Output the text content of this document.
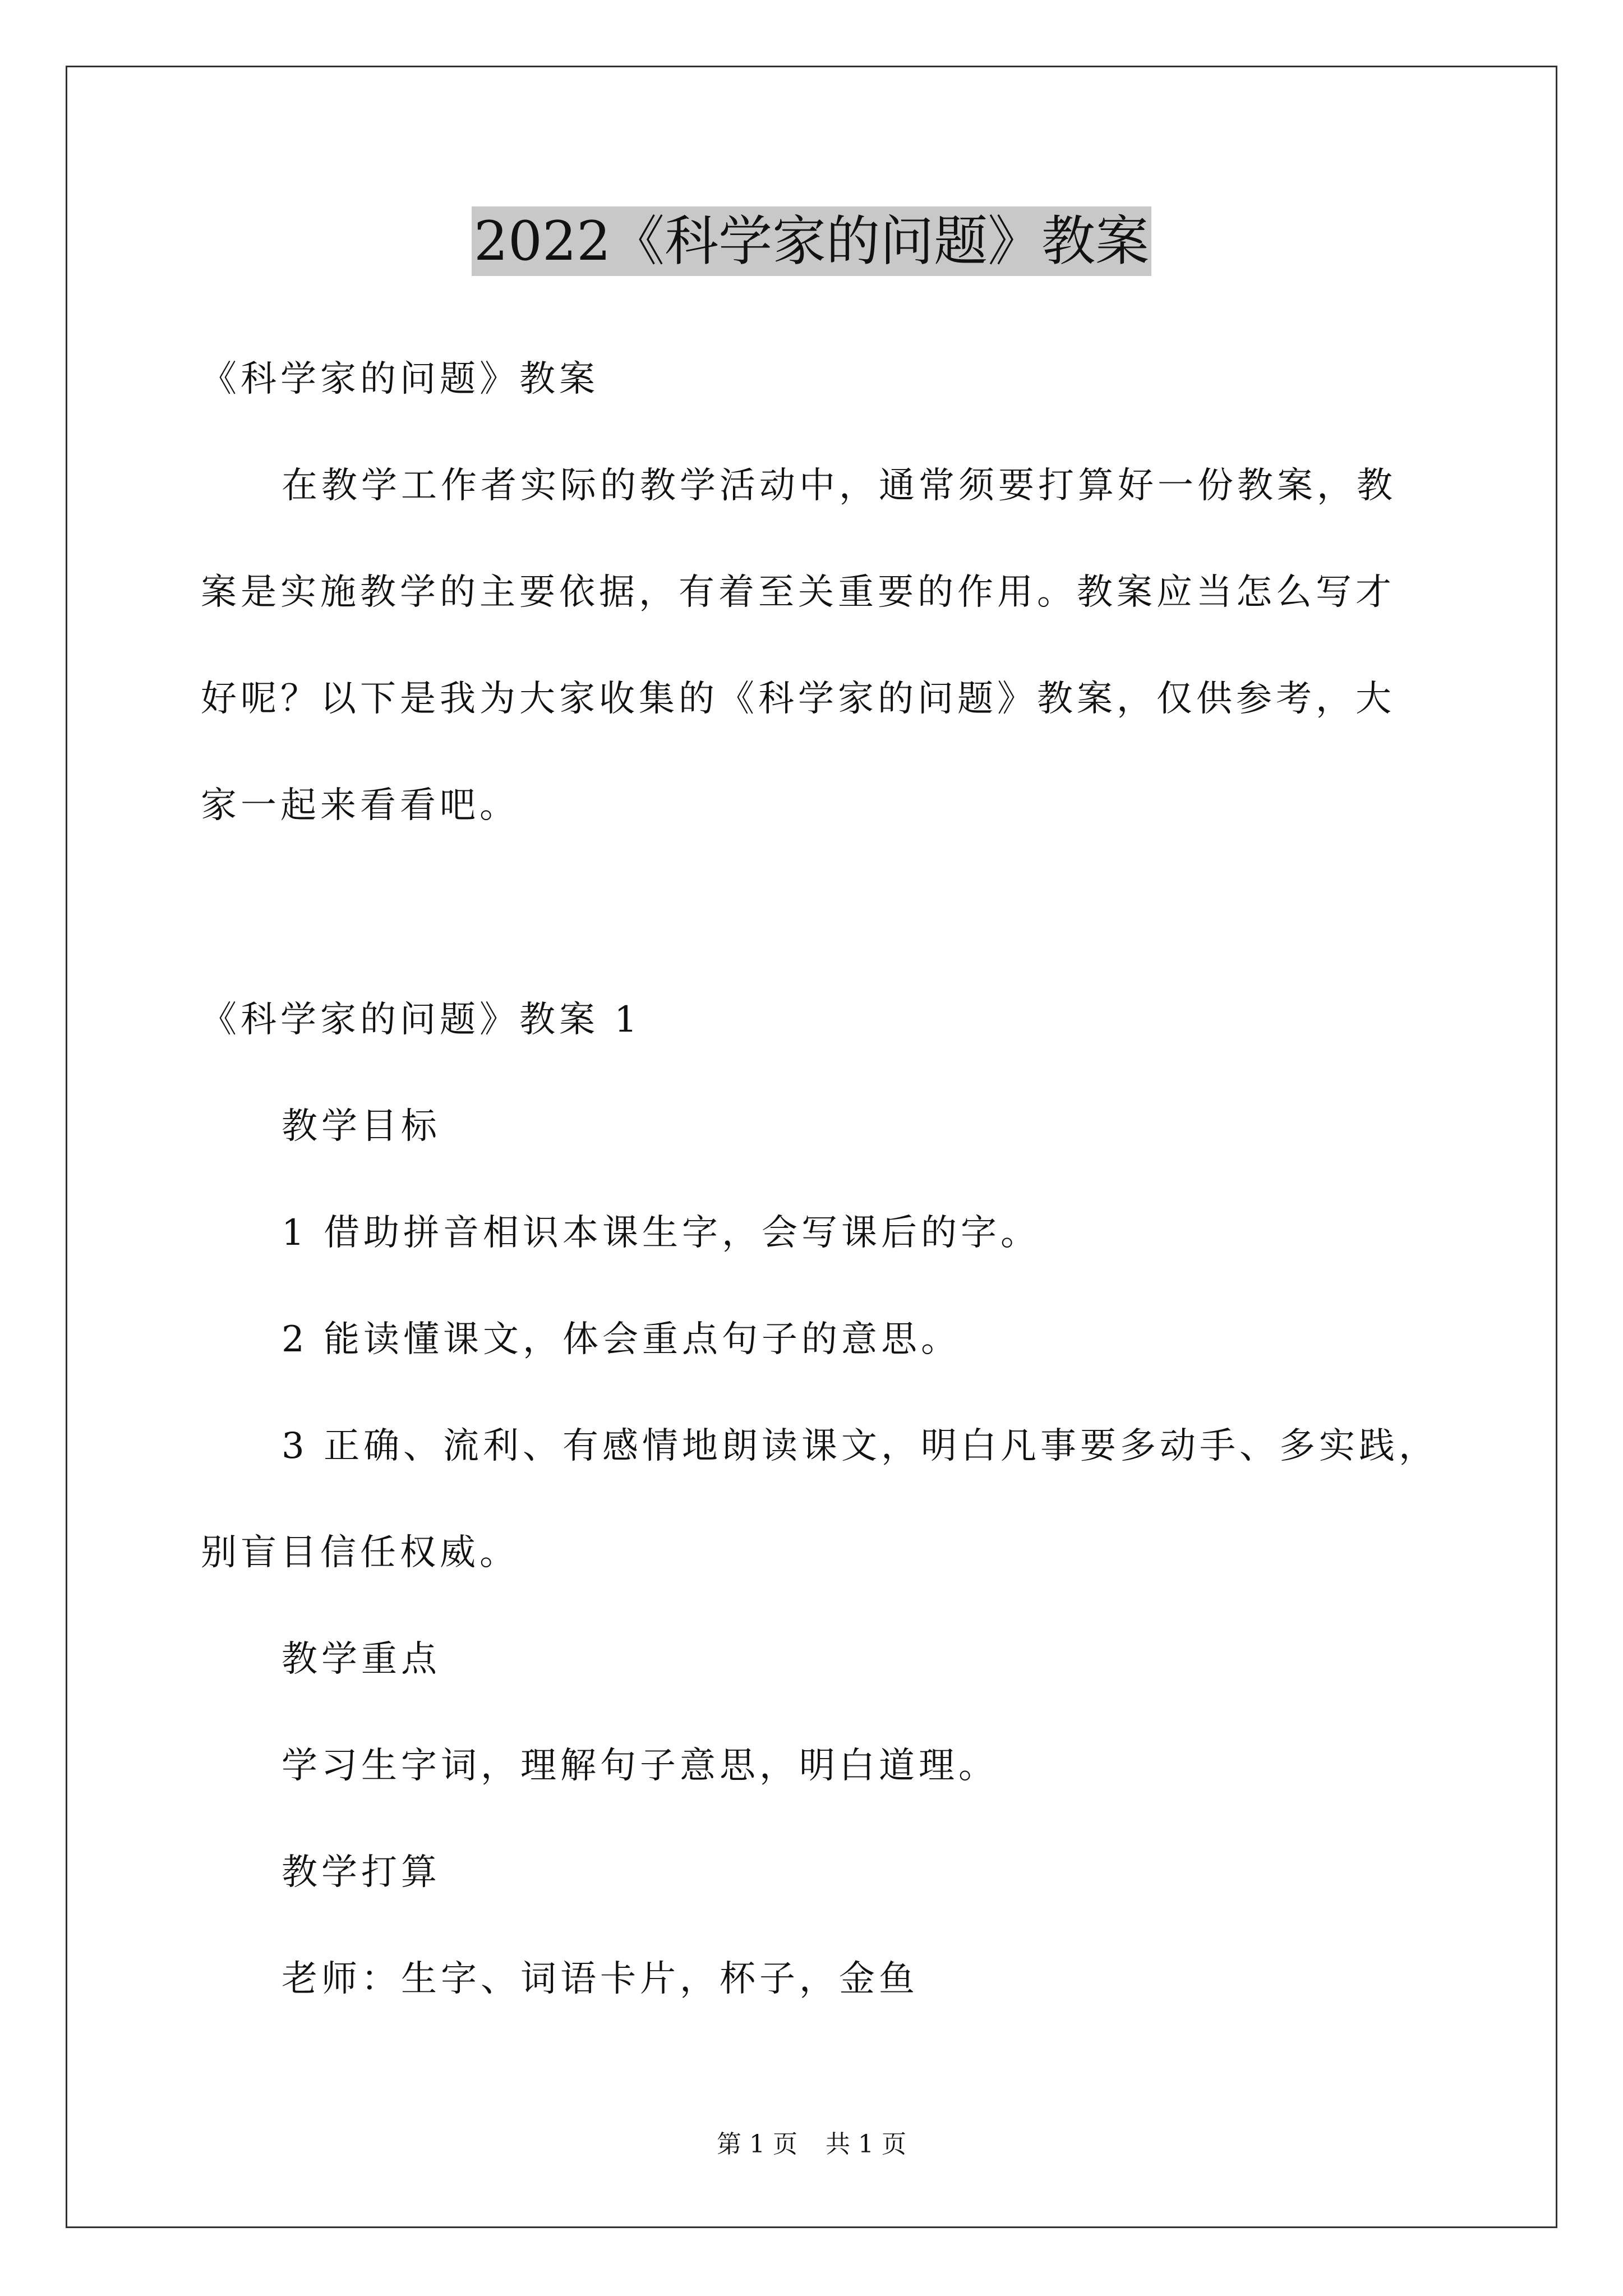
2022《科学家的问题》教案
《科学家的问题》教案
在教学工作者实际的教学活动中，通常须要打算好一份教案，教
案是实施教学的主要依据，有着至关重要的作用。教案应当怎么写才
好呢？以下是我为大家收集的《科学家的问题》教案，仅供参考，大
家一起来看看吧。
《科学家的问题》教案 1
教学目标
1 借助拼音相识本课生字，会写课后的字。
2 能读懂课文，体会重点句子的意思。
3 正确、流利、有感情地朗读课文，明白凡事要多动手、多实践，
别盲目信任权威。
教学重点
学习生字词，理解句子意思，明白道理。
教学打算
老师：生字、词语卡片，杯子，金鱼
第 1 页 共 1 页
